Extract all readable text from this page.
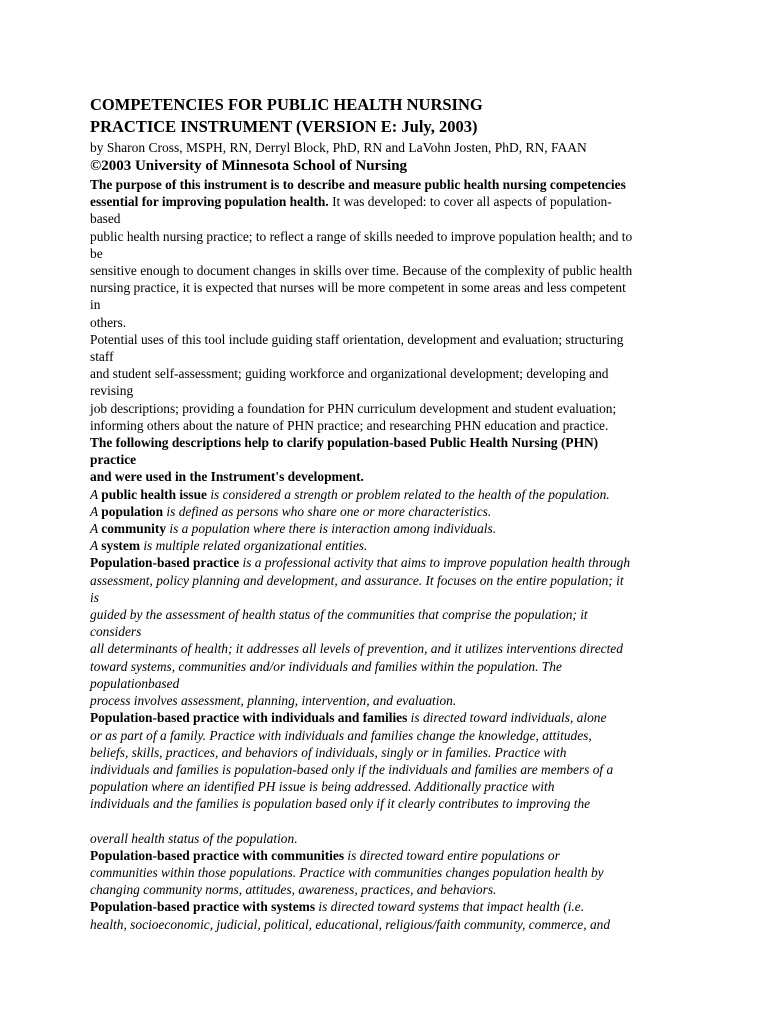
COMPETENCIES FOR PUBLIC HEALTH NURSING
PRACTICE INSTRUMENT (VERSION E: July, 2003)
by Sharon Cross, MSPH, RN, Derryl Block, PhD, RN and LaVohn Josten, PhD, RN, FAAN
©2003 University of Minnesota School of Nursing
The purpose of this instrument is to describe and measure public health nursing competencies
essential for improving population health. It was developed: to cover all aspects of population-
based
public health nursing practice; to reflect a range of skills needed to improve population health; and to
be
sensitive enough to document changes in skills over time. Because of the complexity of public health
nursing practice, it is expected that nurses will be more competent in some areas and less competent
in
others.
Potential uses of this tool include guiding staff orientation, development and evaluation; structuring
staff
and student self-assessment; guiding workforce and organizational development; developing and
revising
job descriptions; providing a foundation for PHN curriculum development and student evaluation;
informing others about the nature of PHN practice; and researching PHN education and practice.
The following descriptions help to clarify population-based Public Health Nursing (PHN)
practice
and were used in the Instrument's development.
A public health issue is considered a strength or problem related to the health of the population.
A population is defined as persons who share one or more characteristics.
A community is a population where there is interaction among individuals.
A system is multiple related organizational entities.
Population-based practice is a professional activity that aims to improve population health through
assessment, policy planning and development, and assurance. It focuses on the entire population; it
is
guided by the assessment of health status of the communities that comprise the population; it
considers
all determinants of health; it addresses all levels of prevention, and it utilizes interventions directed
toward systems, communities and/or individuals and families within the population. The
populationbased
process involves assessment, planning, intervention, and evaluation.
Population-based practice with individuals and families is directed toward individuals, alone
or as part of a family. Practice with individuals and families change the knowledge, attitudes,
beliefs, skills, practices, and behaviors of individuals, singly or in families. Practice with
individuals and families is population-based only if the individuals and families are members of a
population where an identified PH issue is being addressed. Additionally practice with
individuals and the families is population based only if it clearly contributes to improving the
overall health status of the population.
Population-based practice with communities is directed toward entire populations or
communities within those populations. Practice with communities changes population health by
changing community norms, attitudes, awareness, practices, and behaviors.
Population-based practice with systems is directed toward systems that impact health (i.e.
health, socioeconomic, judicial, political, educational, religious/faith community, commerce, and
